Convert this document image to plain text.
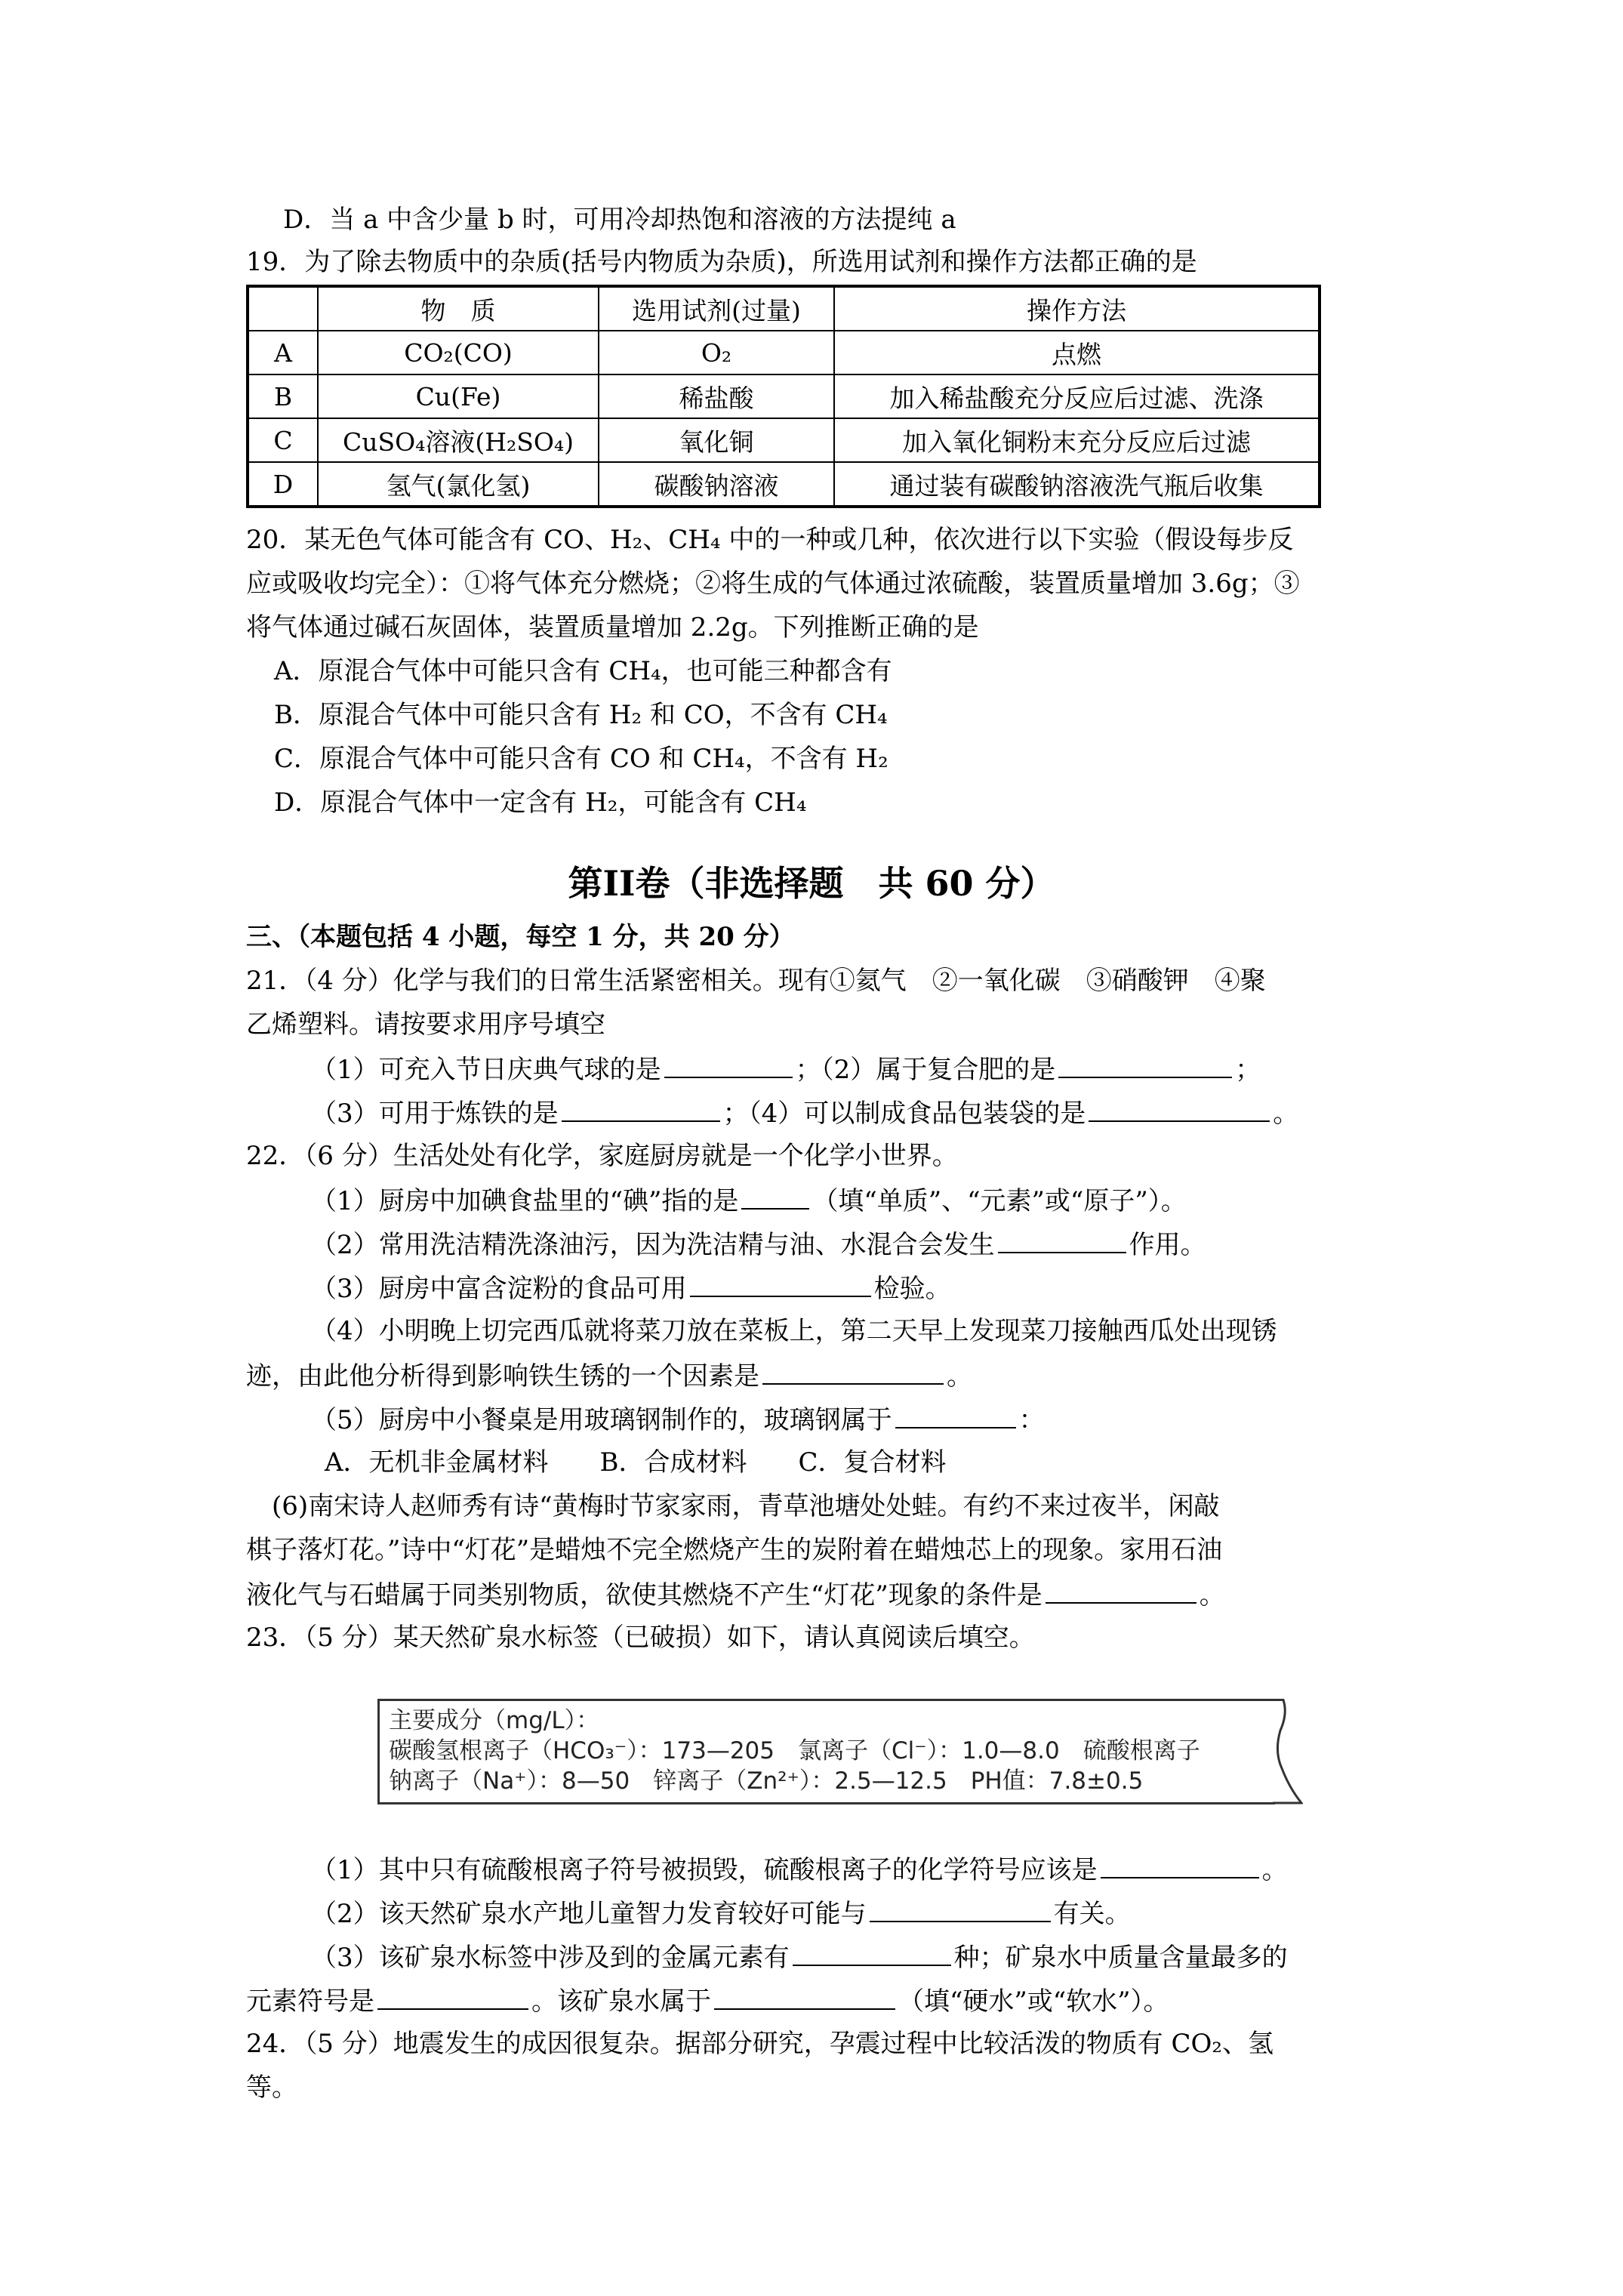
D．当 a 中含少量 b 时，可用冷却热饱和溶液的方法提纯 a
19．为了除去物质中的杂质(括号内物质为杂质)，所选用试剂和操作方法都正确的是
	物　质	选用试剂(过量)	操作方法
A	CO₂(CO)	O₂	点燃
B	Cu(Fe)	稀盐酸	加入稀盐酸充分反应后过滤、洗涤
C	CuSO₄溶液(H₂SO₄)	氧化铜	加入氧化铜粉末充分反应后过滤
D	氢气(氯化氢)	碳酸钠溶液	通过装有碳酸钠溶液洗气瓶后收集
20．某无色气体可能含有 CO、H₂、CH₄ 中的一种或几种，依次进行以下实验（假设每步反
应或吸收均完全）：①将气体充分燃烧；②将生成的气体通过浓硫酸，装置质量增加 3.6g；③
将气体通过碱石灰固体，装置质量增加 2.2g。下列推断正确的是
A．原混合气体中可能只含有 CH₄，也可能三种都含有
B．原混合气体中可能只含有 H₂ 和 CO，不含有 CH₄
C．原混合气体中可能只含有 CO 和 CH₄，不含有 H₂
D．原混合气体中一定含有 H₂，可能含有 CH₄
第II卷（非选择题　共 60 分）
三、（本题包括 4 小题，每空 1 分，共 20 分）
21．（4 分）化学与我们的日常生活紧密相关。现有①氦气　②一氧化碳　③硝酸钾　④聚
乙烯塑料。请按要求用序号填空
（1）可充入节日庆典气球的是	；（2）属于复合肥的是	；
（3）可用于炼铁的是	；（4）可以制成食品包装袋的是	。
22．（6 分）生活处处有化学，家庭厨房就是一个化学小世界。
（1）厨房中加碘食盐里的“碘”指的是	（填“单质”、“元素”或“原子”）。
（2）常用洗洁精洗涤油污，因为洗洁精与油、水混合会发生	作用。
（3）厨房中富含淀粉的食品可用	检验。
（4）小明晚上切完西瓜就将菜刀放在菜板上，第二天早上发现菜刀接触西瓜处出现锈
迹，由此他分析得到影响铁生锈的一个因素是	。
（5）厨房中小餐桌是用玻璃钢制作的，玻璃钢属于	：
A．无机非金属材料　　B．合成材料　　C．复合材料
(6)南宋诗人赵师秀有诗“黄梅时节家家雨，青草池塘处处蛙。有约不来过夜半，闲敲
棋子落灯花。”诗中“灯花”是蜡烛不完全燃烧产生的炭附着在蜡烛芯上的现象。家用石油
液化气与石蜡属于同类别物质，欲使其燃烧不产生“灯花”现象的条件是	。
23．（5 分）某天然矿泉水标签（已破损）如下，请认真阅读后填空。
主要成分（mg/L）：
碳酸氢根离子（HCO₃⁻）：173—205　氯离子（Cl⁻）：1.0—8.0　硫酸根离子
钠离子（Na⁺）：8—50　锌离子（Zn²⁺）：2.5—12.5　PH值：7.8±0.5
（1）其中只有硫酸根离子符号被损毁，硫酸根离子的化学符号应该是	。
（2）该天然矿泉水产地儿童智力发育较好可能与	有关。
（3）该矿泉水标签中涉及到的金属元素有	种；矿泉水中质量含量最多的
元素符号是	。该矿泉水属于	（填“硬水”或“软水”）。
24．（5 分）地震发生的成因很复杂。据部分研究，孕震过程中比较活泼的物质有 CO₂、氢
等。
